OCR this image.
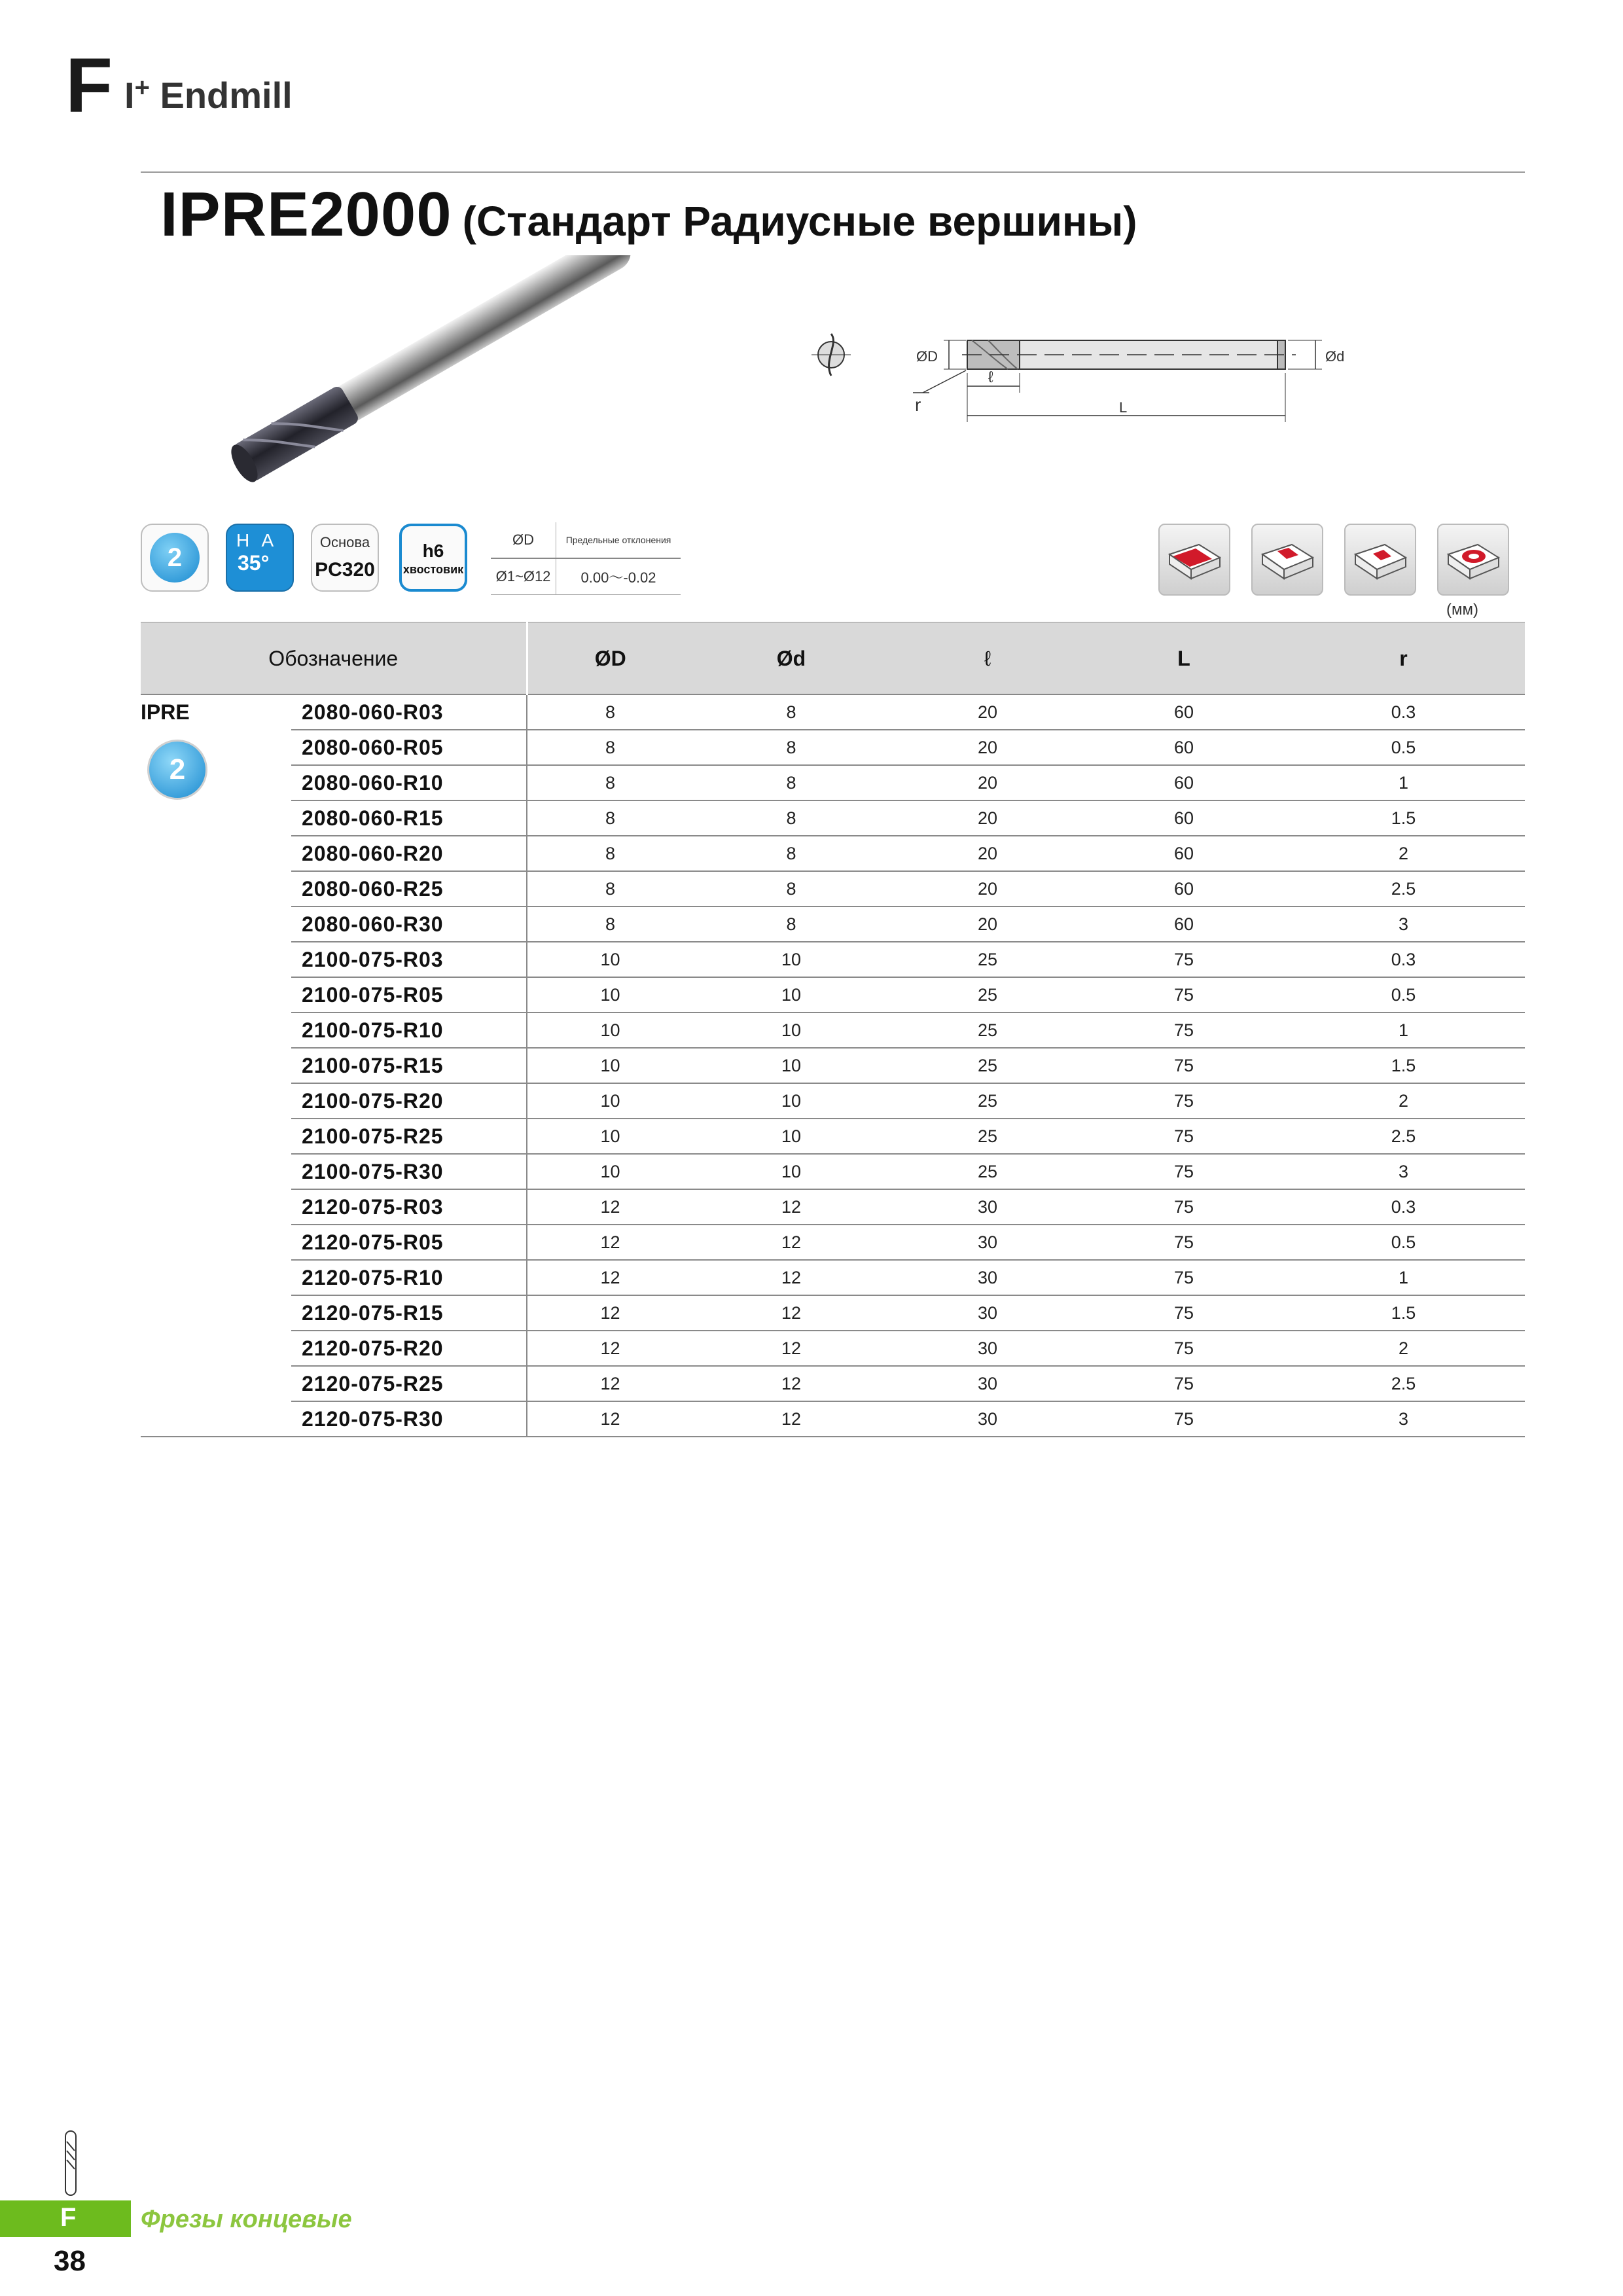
F I+ Endmill
IPRE2000 (Стандарт Радиусные вершины)
ØD	Ød
ℓ
L
r
2
H A
35°
Основа
PC320
h6
хвостовик
ØD	Предельные отклонения
Ø1~Ø12	0.00～-0.02
(мм)
Обозначение		ØD	Ød	ℓ	L	r
	2080-060-R03	8	8	20	60	0.3
	2080-060-R05	8	8	20	60	0.5
	2080-060-R10	8	8	20	60	1
	2080-060-R15	8	8	20	60	1.5
	2080-060-R20	8	8	20	60	2
	2080-060-R25	8	8	20	60	2.5
	2080-060-R30	8	8	20	60	3
	2100-075-R03	10	10	25	75	0.3
	2100-075-R05	10	10	25	75	0.5
	2100-075-R10	10	10	25	75	1
	2100-075-R15	10	10	25	75	1.5
	2100-075-R20	10	10	25	75	2
	2100-075-R25	10	10	25	75	2.5
	2100-075-R30	10	10	25	75	3
	2120-075-R03	12	12	30	75	0.3
	2120-075-R05	12	12	30	75	0.5
	2120-075-R10	12	12	30	75	1
	2120-075-R15	12	12	30	75	1.5
	2120-075-R20	12	12	30	75	2
	2120-075-R25	12	12	30	75	2.5
	2120-075-R30	12	12	30	75	3
IPRE
2
F	Фрезы концевые
38
